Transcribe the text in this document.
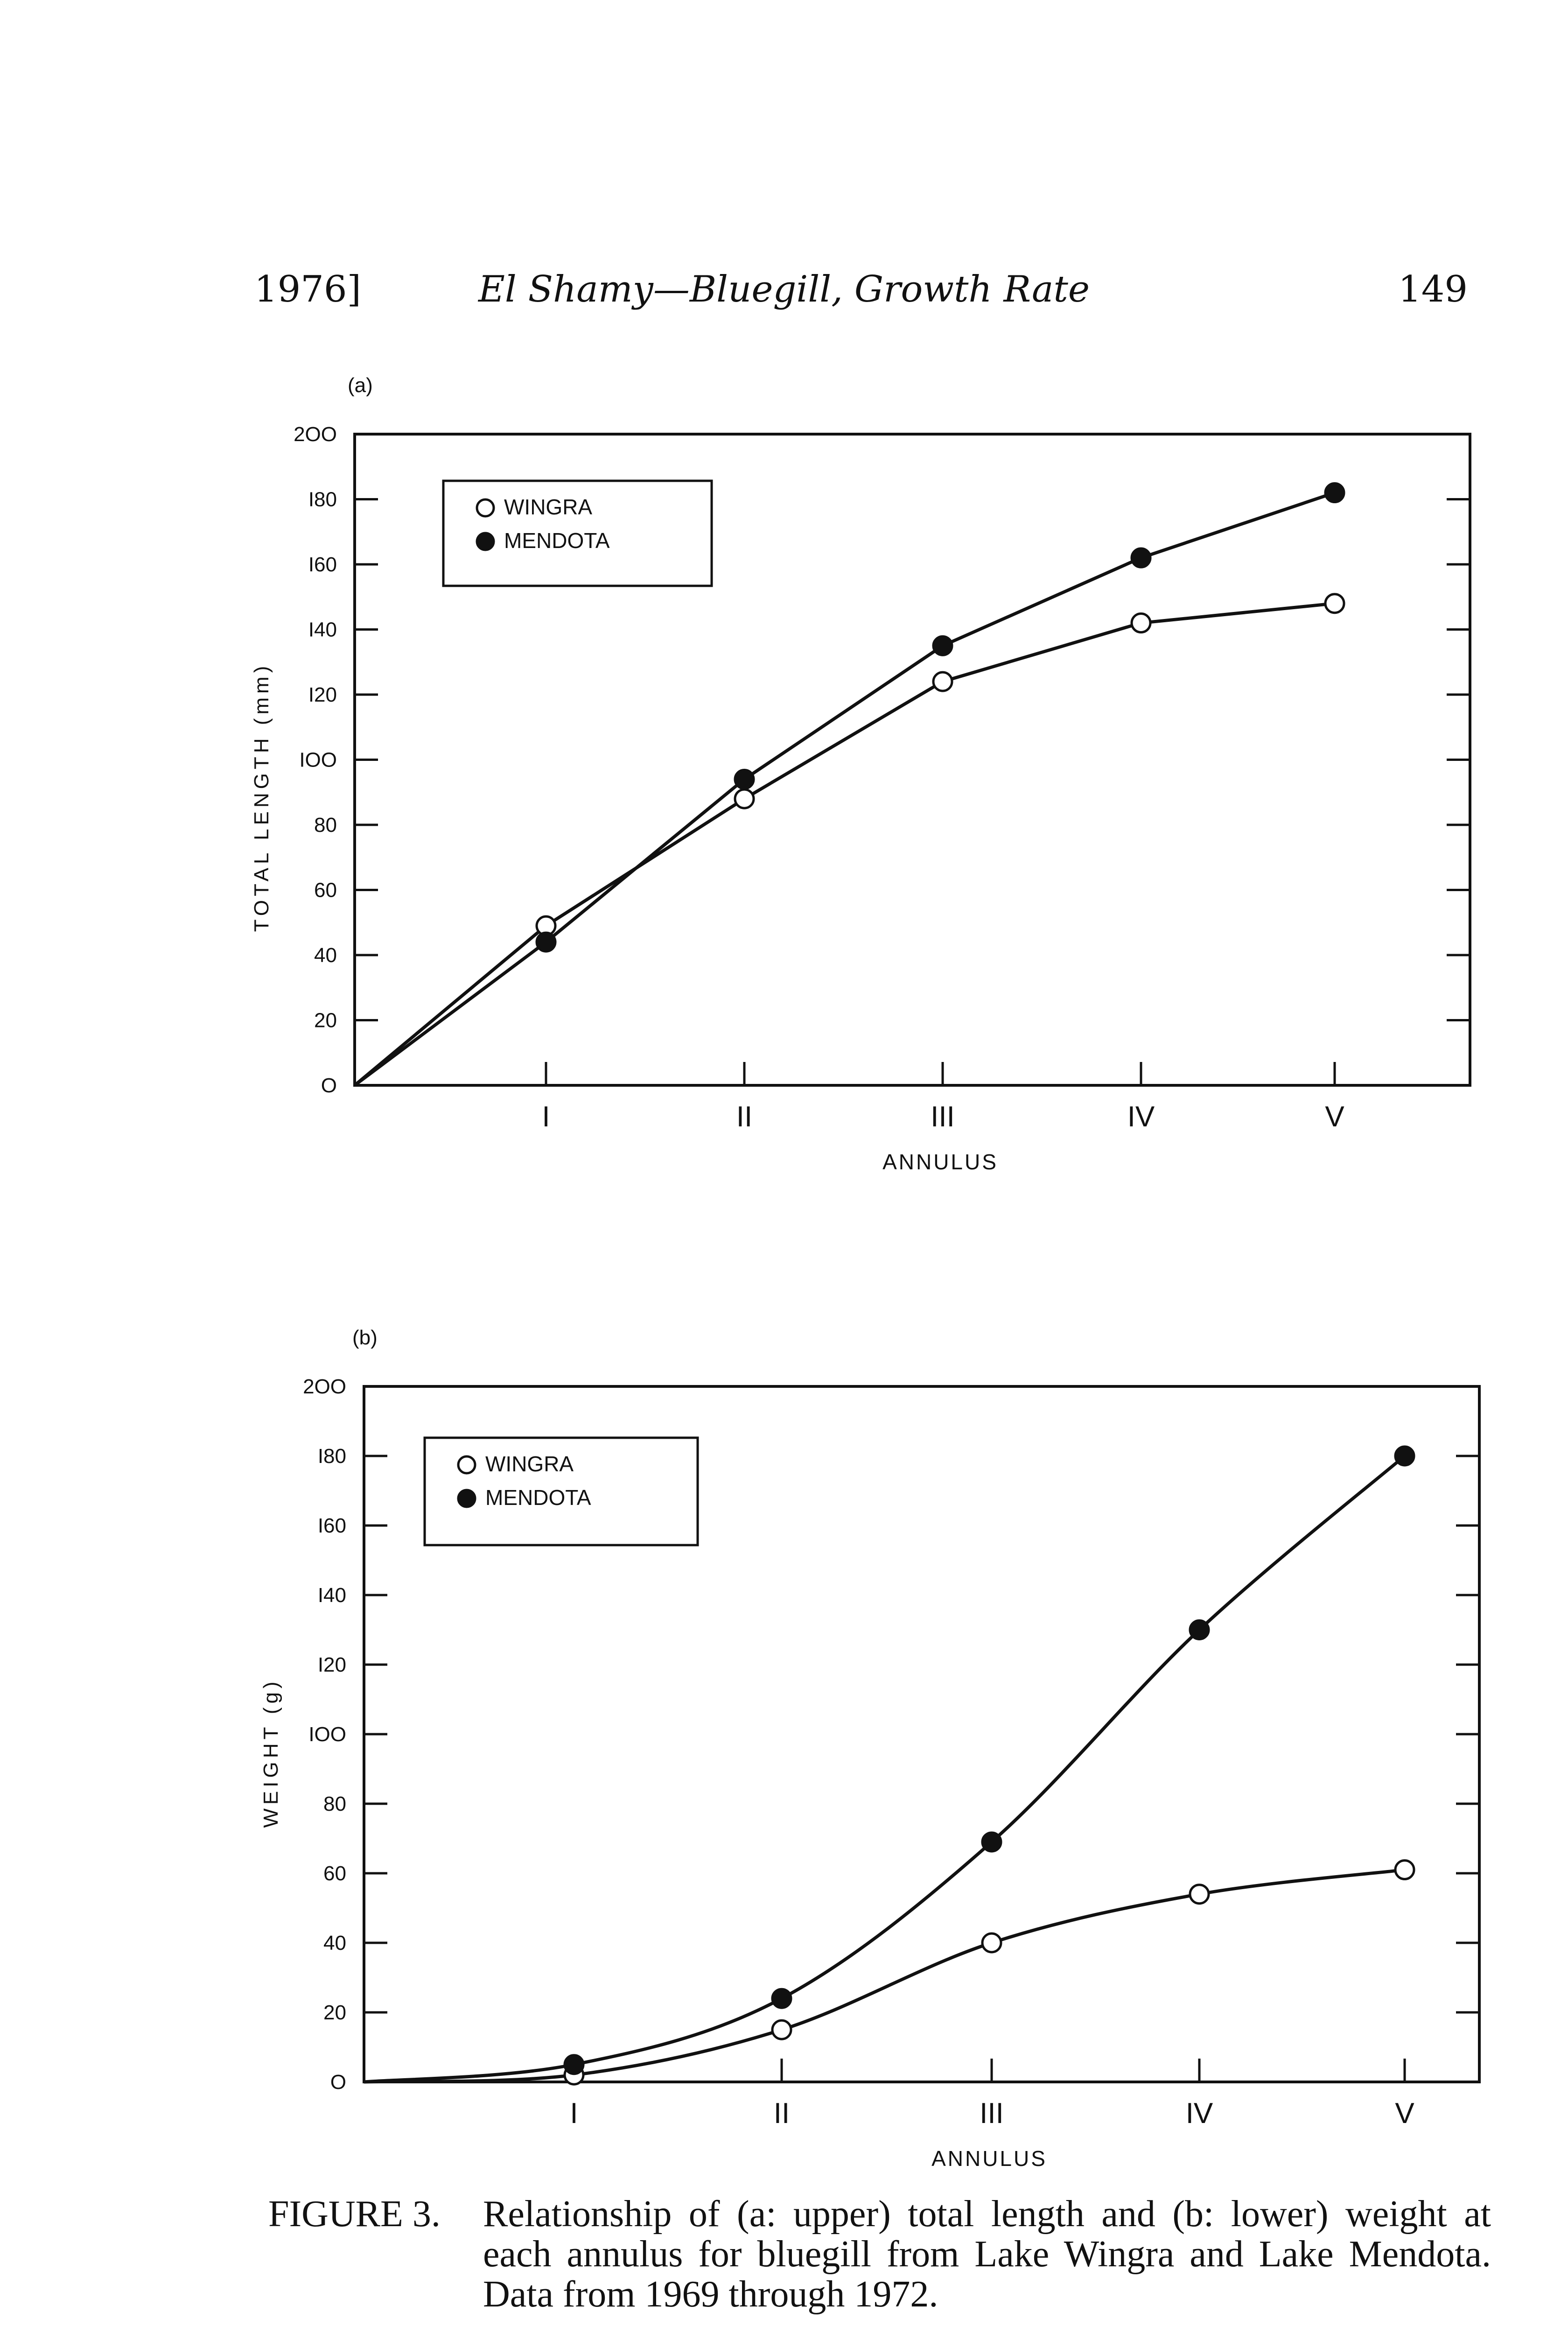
1976]	El Shamy—Bluegill, Growth Rate	149
O
20
40
60
80
IOO
I20
I40
I60
I80
2OO
I	II	III	IV	V
ANNULUS
TOTAL LENGTH (mm)
(a)
WINGRA
MENDOTA
O
20
40
60
80
IOO
I20
I40
I60
I80
2OO
I	II	III	IV	V
ANNULUS
WEIGHT (g)
(b)
WINGRA
MENDOTA
FIGURE 3. Relationship of (a: upper) total length and (b: lower) weight at each annulus for bluegill from Lake Wingra and Lake Mendota. Data from 1969 through 1972.
